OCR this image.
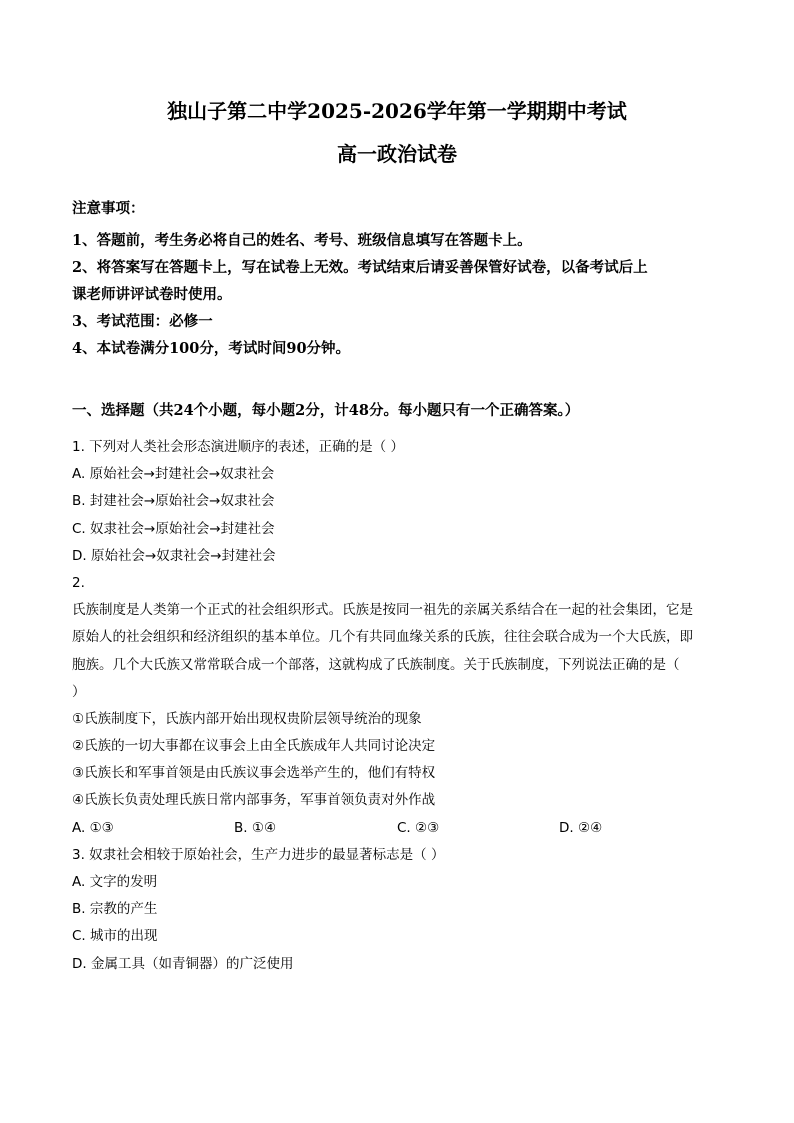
独山子第二中学2025-2026学年第一学期期中考试
高一政治试卷
注意事项：
1、答题前，考生务必将自己的姓名、考号、班级信息填写在答题卡上。
2、将答案写在答题卡上，写在试卷上无效。考试结束后请妥善保管好试卷，以备考试后上
课老师讲评试卷时使用。
3、考试范围：必修一
4、本试卷满分100分，考试时间90分钟。
一、选择题（共24个小题，每小题2分，计48分。每小题只有一个正确答案。）
1. 下列对人类社会形态演进顺序的表述，正确的是（ ）
A. 原始社会→封建社会→奴隶社会
B. 封建社会→原始社会→奴隶社会
C. 奴隶社会→原始社会→封建社会
D. 原始社会→奴隶社会→封建社会
2.
氏族制度是人类第一个正式的社会组织形式。氏族是按同一祖先的亲属关系结合在一起的社会集团，它是
原始人的社会组织和经济组织的基本单位。几个有共同血缘关系的氏族，往往会联合成为一个大氏族，即
胞族。几个大氏族又常常联合成一个部落，这就构成了氏族制度。关于氏族制度，下列说法正确的是（
）
①氏族制度下，氏族内部开始出现权贵阶层领导统治的现象
②氏族的一切大事都在议事会上由全氏族成年人共同讨论决定
③氏族长和军事首领是由氏族议事会选举产生的，他们有特权
④氏族长负责处理氏族日常内部事务，军事首领负责对外作战
A. ①③	B. ①④	C. ②③	D. ②④
3. 奴隶社会相较于原始社会，生产力进步的最显著标志是（ ）
A. 文字的发明
B. 宗教的产生
C. 城市的出现
D. 金属工具（如青铜器）的广泛使用
